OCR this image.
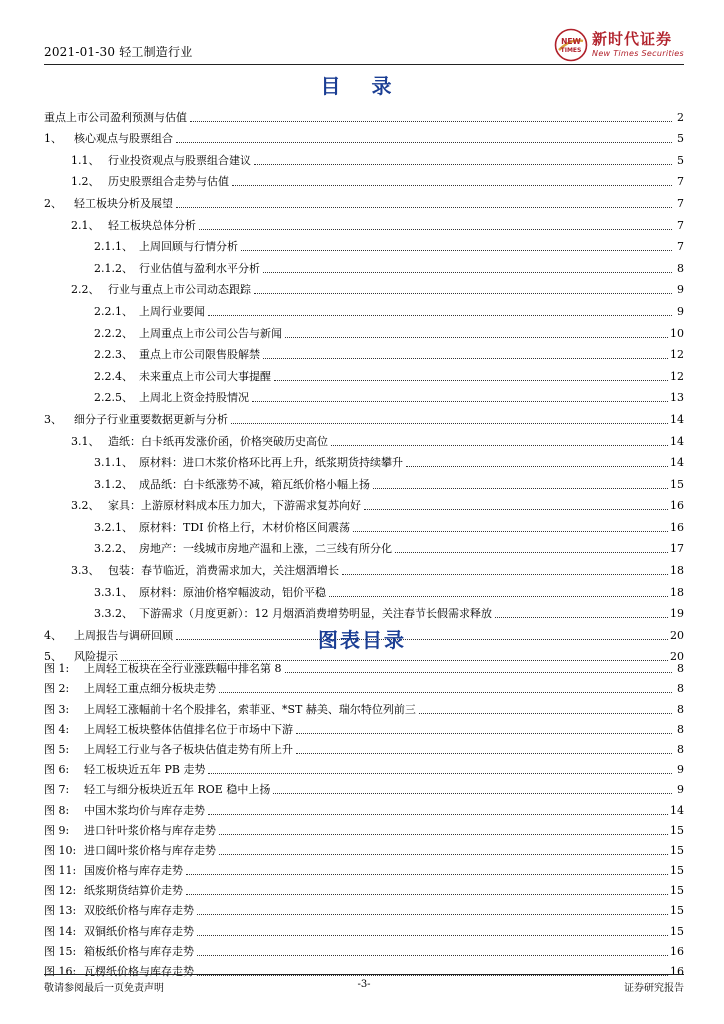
2021-01-30 轻工制造行业
NEW
TIMES
新时代证券
New Times Securities
目 录
重点上市公司盈利预测与估值	2
1、	核心观点与股票组合	5
1.1、 行业投资观点与股票组合建议	5
1.2、 历史股票组合走势与估值	7
2、	轻工板块分析及展望	7
2.1、 轻工板块总体分析	7
2.1.1、 上周回顾与行情分析	7
2.1.2、 行业估值与盈利水平分析	8
2.2、 行业与重点上市公司动态跟踪	9
2.2.1、 上周行业要闻	9
2.2.2、 上周重点上市公司公告与新闻	10
2.2.3、 重点上市公司限售股解禁	12
2.2.4、 未来重点上市公司大事提醒	12
2.2.5、 上周北上资金持股情况	13
3、	细分子行业重要数据更新与分析	14
3.1、 造纸：白卡纸再发涨价函，价格突破历史高位	14
3.1.1、 原材料：进口木浆价格环比再上升，纸浆期货持续攀升	14
3.1.2、 成品纸：白卡纸涨势不减，箱瓦纸价格小幅上扬	15
3.2、 家具：上游原材料成本压力加大，下游需求复苏向好	16
3.2.1、 原材料：TDI 价格上行，木材价格区间震荡	16
3.2.2、 房地产：一线城市房地产温和上涨，二三线有所分化	17
3.3、 包装：春节临近，消费需求加大，关注烟酒增长	18
3.3.1、 原材料：原油价格窄幅波动，铝价平稳	18
3.3.2、 下游需求（月度更新）：12 月烟酒消费增势明显，关注春节长假需求释放	19
4、	上周报告与调研回顾	20
5、	风险提示	20
图表目录
图 1:	上周轻工板块在全行业涨跌幅中排名第 8	8
图 2:	上周轻工重点细分板块走势	8
图 3:	上周轻工涨幅前十名个股排名，索菲亚、*ST 赫美、瑞尔特位列前三	8
图 4:	上周轻工板块整体估值排名位于市场中下游	8
图 5:	上周轻工行业与各子板块估值走势有所上升	8
图 6:	轻工板块近五年 PB 走势	9
图 7:	轻工与细分板块近五年 ROE 稳中上扬	9
图 8:	中国木浆均价与库存走势	14
图 9:	进口针叶浆价格与库存走势	15
图 10: 进口阔叶浆价格与库存走势	15
图 11: 国废价格与库存走势	15
图 12: 纸浆期货结算价走势	15
图 13: 双胶纸价格与库存走势	15
图 14: 双铜纸价格与库存走势	15
图 15: 箱板纸价格与库存走势	16
图 16: 瓦楞纸价格与库存走势	16
敬请参阅最后一页免责声明	-3-	证券研究报告
